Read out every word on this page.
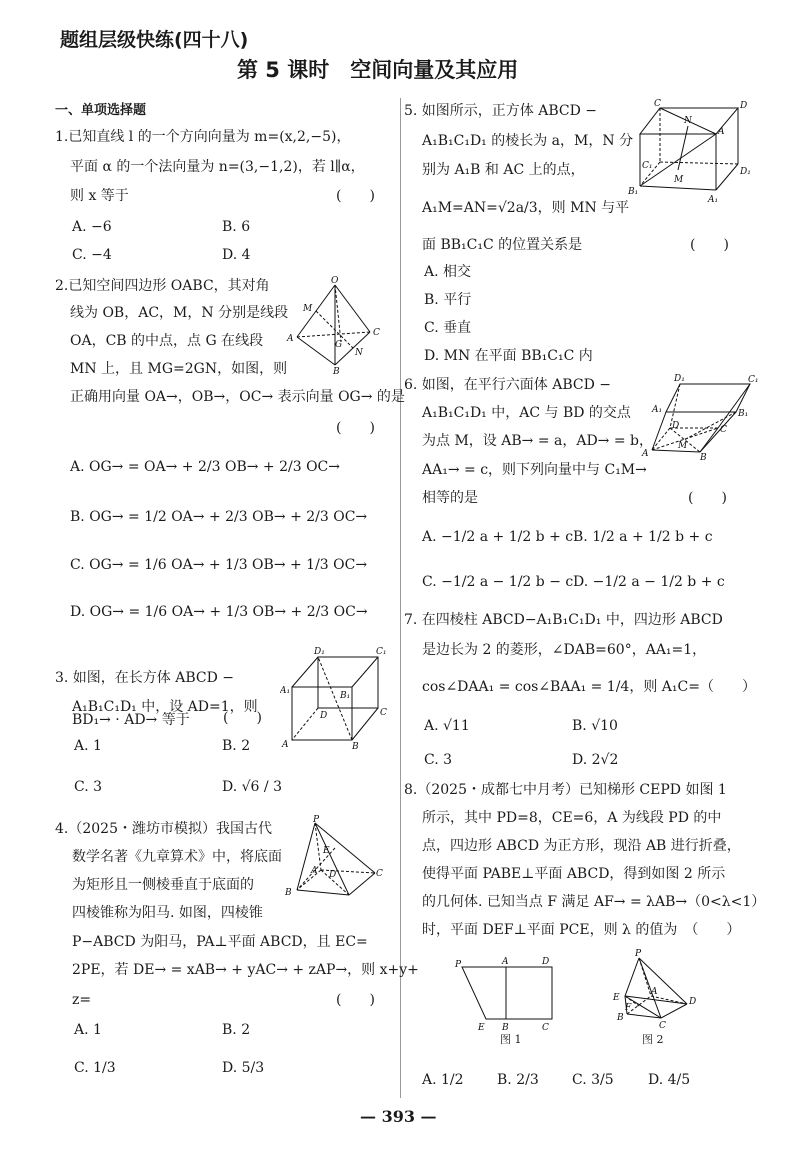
题组层级快练(四十八)
第 5 课时　空间向量及其应用
一、单项选择题
1.已知直线 l 的一个方向向量为 m=(x,2,−5)，
平面 α 的一个法向量为 n=(3,−1,2)，若 l∥α，
则 x 等于	(　　)
A. −6	B. 6
C. −4	D. 4
2.已知空间四边形 OABC，其对角
线为 OB，AC，M，N 分别是线段
OA，CB 的中点，点 G 在线段
MN 上，且 MG=2GN，如图，则
正确用向量 OA→，OB→，OC→ 表示向量 OG→ 的是
(　　)
A. OG→ = OA→ + 2/3 OB→ + 2/3 OC→
B. OG→ = 1/2 OA→ + 2/3 OB→ + 2/3 OC→
C. OG→ = 1/6 OA→ + 1/3 OB→ + 1/3 OC→
D. OG→ = 1/6 OA→ + 1/3 OB→ + 2/3 OC→
O
M
A
G
N
C
B
3. 如图，在长方体 ABCD −
A₁B₁C₁D₁ 中，设 AD=1，则
BD₁→ · AD→ 等于 (　　)
A. 1	B. 2
C. 3	D. √6 / 3
D₁	C₁
A₁	B₁
D	C
A	B
4.（2025・潍坊市模拟）我国古代
数学名著《九章算术》中，将底面
为矩形且一侧棱垂直于底面的
四棱锥称为阳马. 如图，四棱锥
P−ABCD 为阳马，PA⊥平面 ABCD，且 EC=
2PE，若 DE→ = xAB→ + yAC→ + zAP→，则 x+y+
z=	(　　)
A. 1	B. 2
C. 1/3	D. 5/3
P
E
A D	C
B
5. 如图所示，正方体 ABCD −
A₁B₁C₁D₁ 的棱长为 a，M，N 分
别为 A₁B 和 AC 上的点，
A₁M=AN=√2a/3，则 MN 与平
面 BB₁C₁C 的位置关系是	(　　)
A. 相交
B. 平行
C. 垂直
D. MN 在平面 BB₁C₁C 内
C	D
N
A
C₁
D₁
M
B₁
A₁
6. 如图，在平行六面体 ABCD −
A₁B₁C₁D₁ 中，AC 与 BD 的交点
为点 M，设 AB→ = a，AD→ = b，
AA₁→ = c，则下列向量中与 C₁M→
相等的是	(　　)
A. −1/2 a + 1/2 b + c B. 1/2 a + 1/2 b + c
C. −1/2 a − 1/2 b − c D. −1/2 a − 1/2 b + c
D₁	C₁
A₁	B₁
D	C
M
A	B
7. 在四棱柱 ABCD−A₁B₁C₁D₁ 中，四边形 ABCD
是边长为 2 的菱形，∠DAB=60°，AA₁=1，
cos∠DAA₁ = cos∠BAA₁ = 1/4，则 A₁C=（　　）
A. √11	B. √10
C. 3	D. 2√2
8.（2025・成都七中月考）已知梯形 CEPD 如图 1
所示，其中 PD=8，CE=6，A 为线段 PD 的中
点，四边形 ABCD 为正方形，现沿 AB 进行折叠，
使得平面 PABE⊥平面 ABCD，得到如图 2 所示
的几何体. 已知当点 F 满足 AF→ = λAB→（0<λ<1）
时，平面 DEF⊥平面 PCE，则 λ 的值为　（　　）
P	A	D
E B	C
图 1
P
E
F
D
A
B
C
图 2
A. 1/2 B. 2/3 C. 3/5 D. 4/5
— 393 —
